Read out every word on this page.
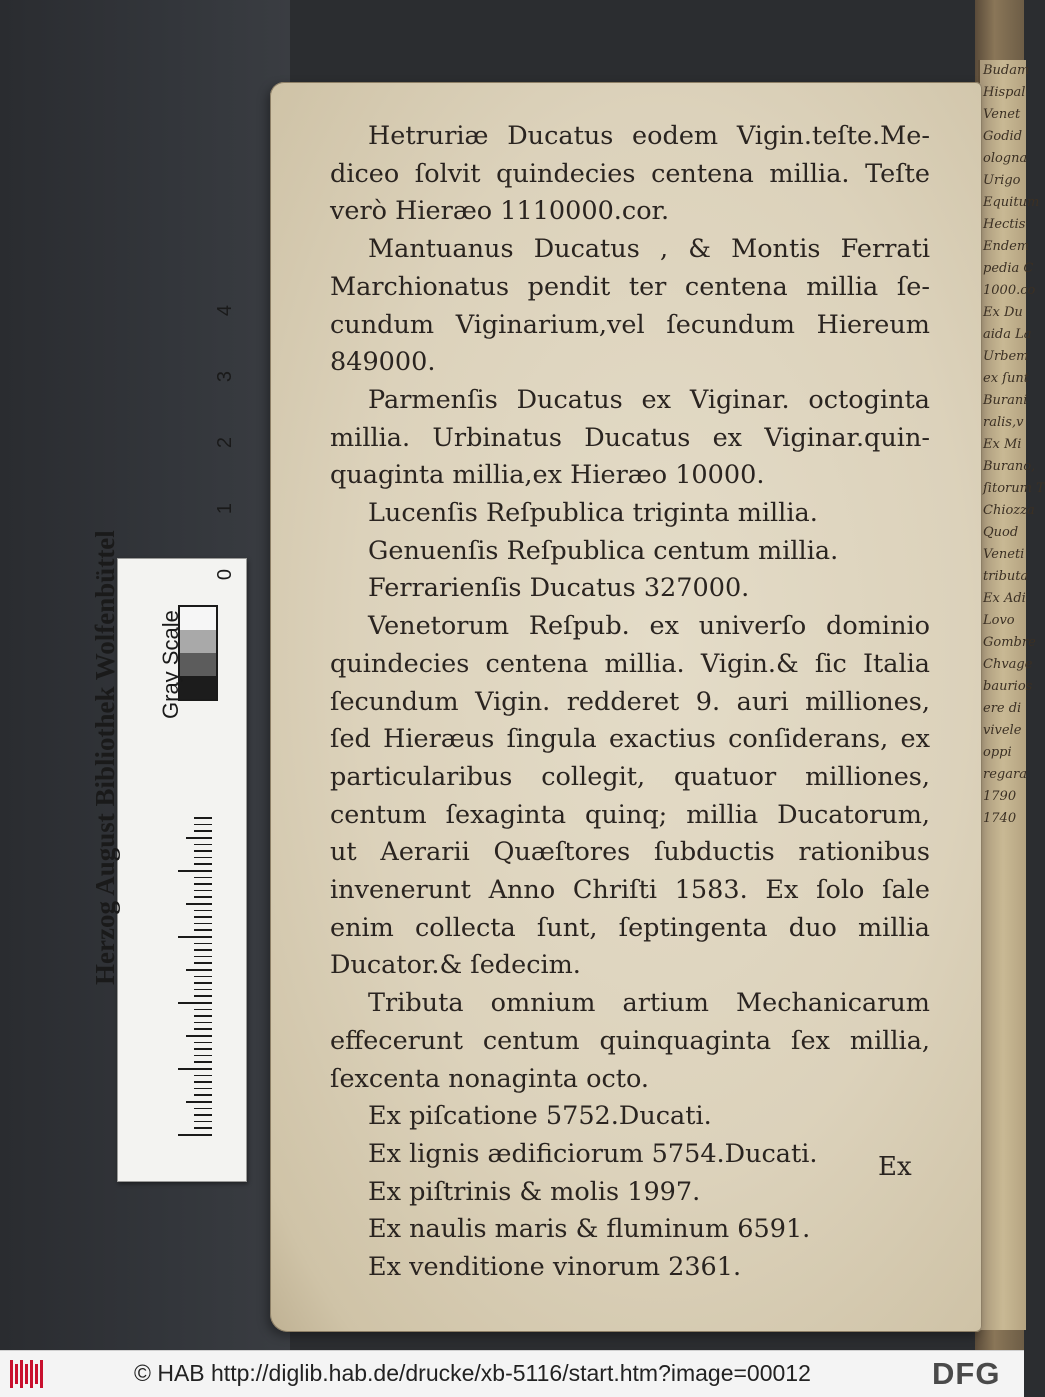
Budam
Hispal
Venet
Godid
ologna
Urigo
Equitum
Hectis
Endem
pedia C
1000.co
Ex Du
aida La
Urbem
ex ſunt
Burani
ralis,v
Ex Mi
Burano,
ſitorum T
Chiozza
Quod
Veneti
tributa
Ex Adi
Lovo
Gombre
Chvage
baurios
ere di
vivele
oppi
regara
1790
1740
Hetruriæ Ducatus eodem Vigin.teſte.Me-
diceo ſolvit quindecies centena millia. Teſte
verò Hieræo 1110000.cor.
Mantuanus Ducatus , & Montis Ferrati
Marchionatus pendit ter centena millia ſe-
cundum Viginarium,vel ſecundum Hiereum
849000.
Parmenſis Ducatus ex Viginar. octoginta
millia. Urbinatus Ducatus ex Viginar.quin-
quaginta millia,ex Hieræo 10000.
Lucenſis Reſpublica triginta millia.
Genuenſis Reſpublica centum millia.
Ferrarienſis Ducatus 327000.
Venetorum Reſpub. ex univerſo dominio
quindecies centena millia. Vigin.& ſic Italia
ſecundum Vigin. redderet 9. auri milliones,
ſed Hieræus ſingula exactius conſiderans, ex
particularibus collegit, quatuor milliones,
centum ſexaginta quinq; millia Ducatorum,
ut Aerarii Quæſtores ſubductis rationibus
invenerunt Anno Chriſti 1583. Ex ſolo ſale
enim collecta ſunt, ſeptingenta duo millia
Ducator.& ſedecim.
Tributa omnium artium Mechanicarum
effecerunt centum quinquaginta ſex millia,
ſexcenta nonaginta octo.
Ex piſcatione 5752.Ducati.
Ex lignis ædificiorum 5754.Ducati.
Ex piſtrinis & molis 1997.
Ex naulis maris & fluminum 6591.
Ex venditione vinorum 2361.
Ex
Herzog August Bibliothek Wolfenbüttel Gray Scale
0
1
2
3
4
© HAB http://diglib.hab.de/drucke/xb-5116/start.htm?image=00012	DFG
